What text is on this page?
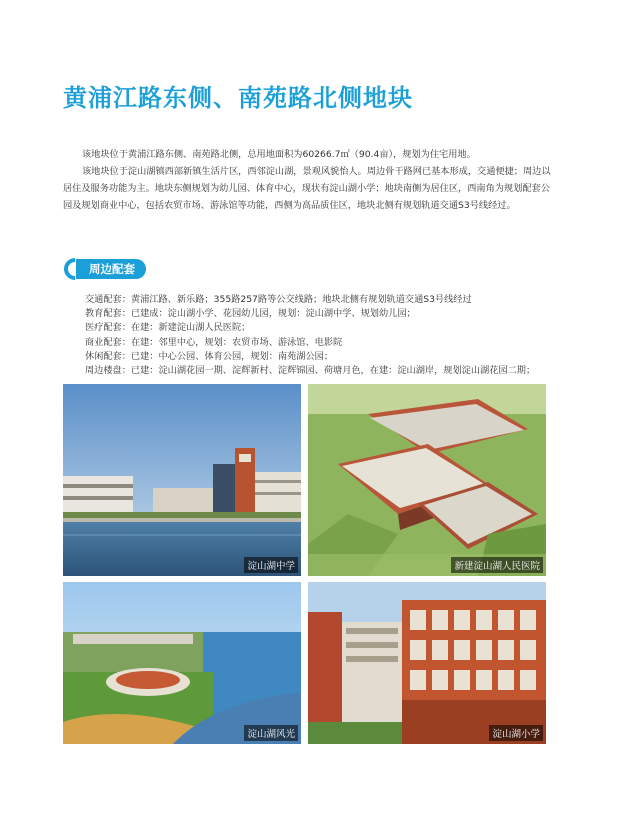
黄浦江路东侧、南苑路北侧地块

该地块位于黄浦江路东侧、南苑路北侧，总用地面积为60266.7㎡（90.4亩），规划为住宅用地。

该地块位于淀山湖镇西部新镇生活片区，西邻淀山湖，景观风貌怡人。周边骨干路网已基本形成，交通便捷；周边以居住及服务功能为主。地块东侧规划为幼儿园、体育中心，现状有淀山湖小学；地块南侧为居住区，西南角为规划配套公园及规划商业中心，包括农贸市场、游泳馆等功能，西侧为高品质住区，地块北侧有规划轨道交通S3号线经过。

周边配套
交通配套：黄浦江路、新乐路；355路257路等公交线路；地块北侧有规划轨道交通S3号线经过
教育配套：已建成：淀山湖小学、花园幼儿园，规划：淀山湖中学、规划幼儿园；
医疗配套：在建：新建淀山湖人民医院；
商业配套：在建：邻里中心，规划：农贸市场、游泳馆、电影院
休闲配套：已建：中心公园、体育公园，规划：南苑湖公园；
周边楼盘：已建：淀山湖花园一期、淀辉新村、淀辉锦园、荷塘月色，在建：淀山湖岸，规划淀山湖花园二期；
淀山湖中学	新建淀山湖人民医院
淀山湖风光	淀山湖小学
